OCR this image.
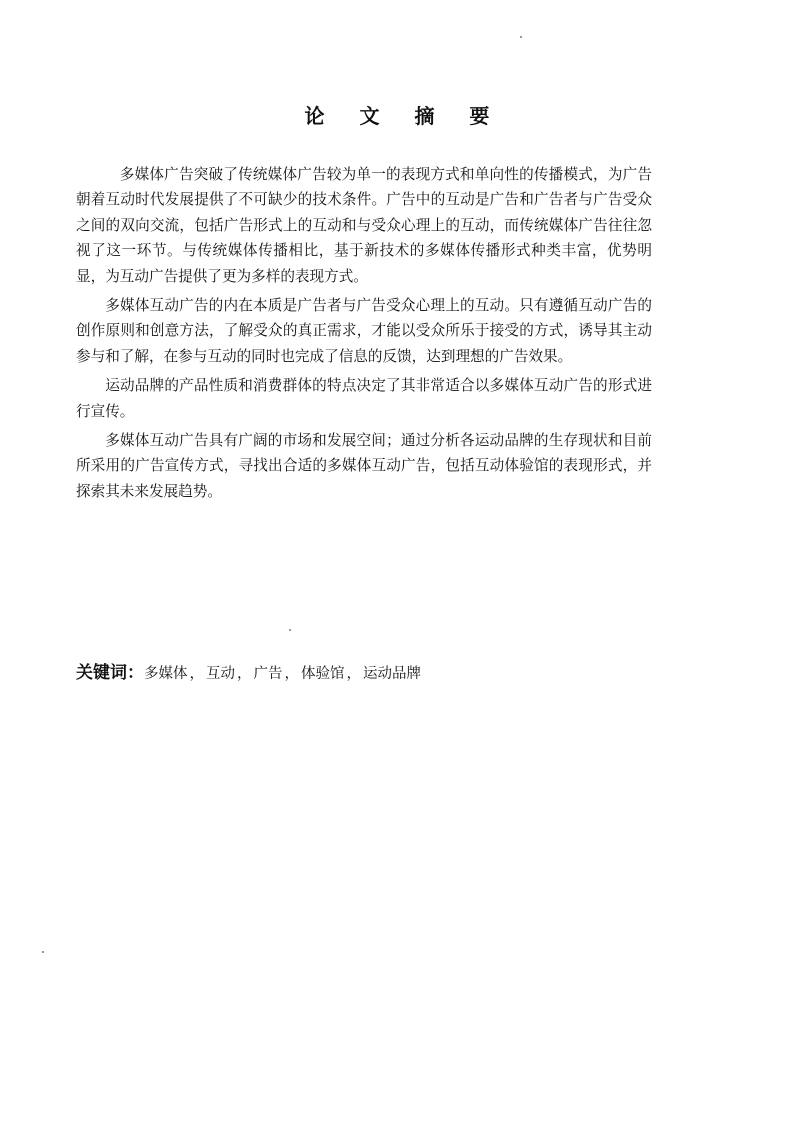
论 文 摘 要

多媒体广告突破了传统媒体广告较为单一的表现方式和单向性的传播模式，为广告朝着互动时代发展提供了不可缺少的技术条件。广告中的互动是广告和广告者与广告受众之间的双向交流，包括广告形式上的互动和与受众心理上的互动，而传统媒体广告往往忽视了这一环节。与传统媒体传播相比，基于新技术的多媒体传播形式种类丰富，优势明显，为互动广告提供了更为多样的表现方式。

多媒体互动广告的内在本质是广告者与广告受众心理上的互动。只有遵循互动广告的创作原则和创意方法，了解受众的真正需求，才能以受众所乐于接受的方式，诱导其主动参与和了解，在参与互动的同时也完成了信息的反馈，达到理想的广告效果。

运动品牌的产品性质和消费群体的特点决定了其非常适合以多媒体互动广告的形式进行宣传。

多媒体互动广告具有广阔的市场和发展空间；通过分析各运动品牌的生存现状和目前所采用的广告宣传方式，寻找出合适的多媒体互动广告，包括互动体验馆的表现形式，并探索其未来发展趋势。

关键词：多媒体 ， 互动 ， 广告 ， 体验馆 ， 运动品牌
